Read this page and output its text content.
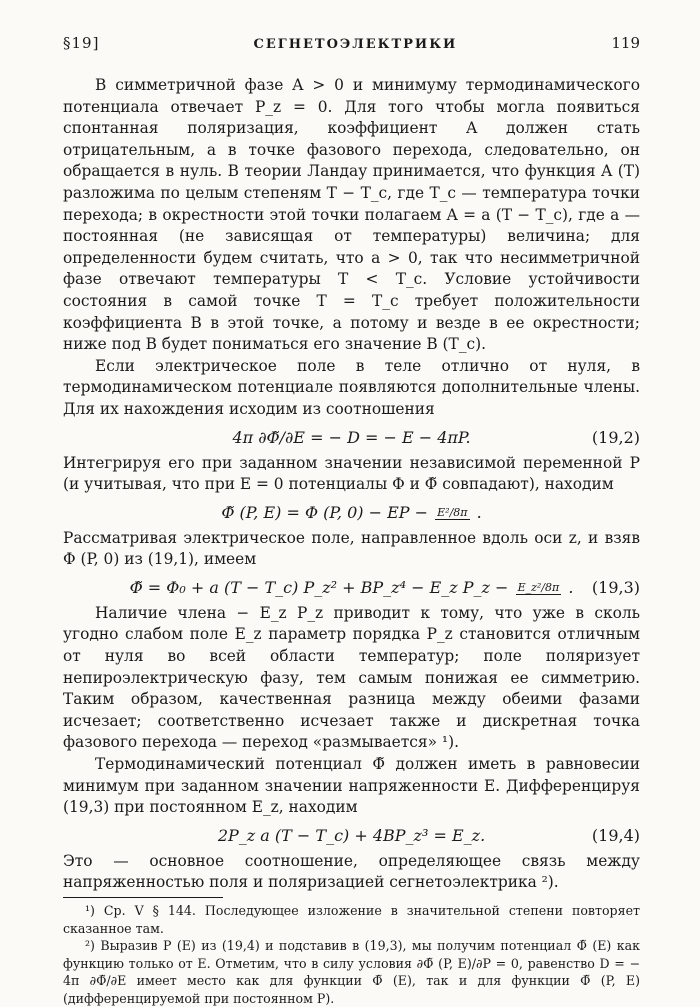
§19]	СЕГНЕТОЭЛЕКТРИКИ	119

В симметричной фазе A > 0 и минимуму термодинамического потенциала отвечает P_z = 0. Для того чтобы могла появиться спонтанная поляризация, коэффициент A должен стать отрицательным, а в точке фазового перехода, следовательно, он обращается в нуль. В теории Ландау принимается, что функция A (T) разложима по целым степеням T − T_c, где T_c — температура точки перехода; в окрестности этой точки полагаем A = a (T − T_c), где a — постоянная (не зависящая от температуры) величина; для определенности будем считать, что a > 0, так что несимметричной фазе отвечают температуры T < T_c. Условие устойчивости состояния в самой точке T = T_c требует положительности коэффициента B в этой точке, а потому и везде в ее окрестности; ниже под B будет пониматься его значение B (T_c).

Если электрическое поле в теле отлично от нуля, в термодинамическом потенциале появляются дополнительные члены. Для их нахождения исходим из соотношения

4π ∂Φ̃/∂E = − D = − E − 4πP.	(19,2)

Интегрируя его при заданном значении независимой переменной P (и учитывая, что при E = 0 потенциалы Φ и Φ̃ совпадают), находим

Φ̃ (P, E) = Φ (P, 0) − EP − E²/8π .

Рассматривая электрическое поле, направленное вдоль оси z, и взяв Φ (P, 0) из (19,1), имеем

Φ̃ = Φ₀ + a (T − T_c) P_z² + BP_z⁴ − E_z P_z − E_z²/8π . (19,3)

Наличие члена − E_z P_z приводит к тому, что уже в сколь угодно слабом поле E_z параметр порядка P_z становится отличным от нуля во всей области температур; поле поляризует непироэлектрическую фазу, тем самым понижая ее симметрию. Таким образом, качественная разница между обеими фазами исчезает; соответственно исчезает также и дискретная точка фазового перехода — переход «размывается» ¹).

Термодинамический потенциал Φ̃ должен иметь в равновесии минимум при заданном значении напряженности E. Дифференцируя (19,3) при постоянном E_z, находим

2P_z a (T − T_c) + 4BP_z³ = E_z.	(19,4)

Это — основное соотношение, определяющее связь между напряженностью поля и поляризацией сегнетоэлектрика ²).

¹) Ср. V § 144. Последующее изложение в значительной степени повторяет сказанное там.
²) Выразив P (E) из (19,4) и подставив в (19,3), мы получим потенциал Φ̃ (E) как функцию только от E. Отметим, что в силу условия ∂Φ̃ (P, E)/∂P = 0, равенство D = − 4π ∂Φ̃/∂E имеет место как для функции Φ̃ (E), так и для функции Φ̃ (P, E) (дифференцируемой при постоянном P).
